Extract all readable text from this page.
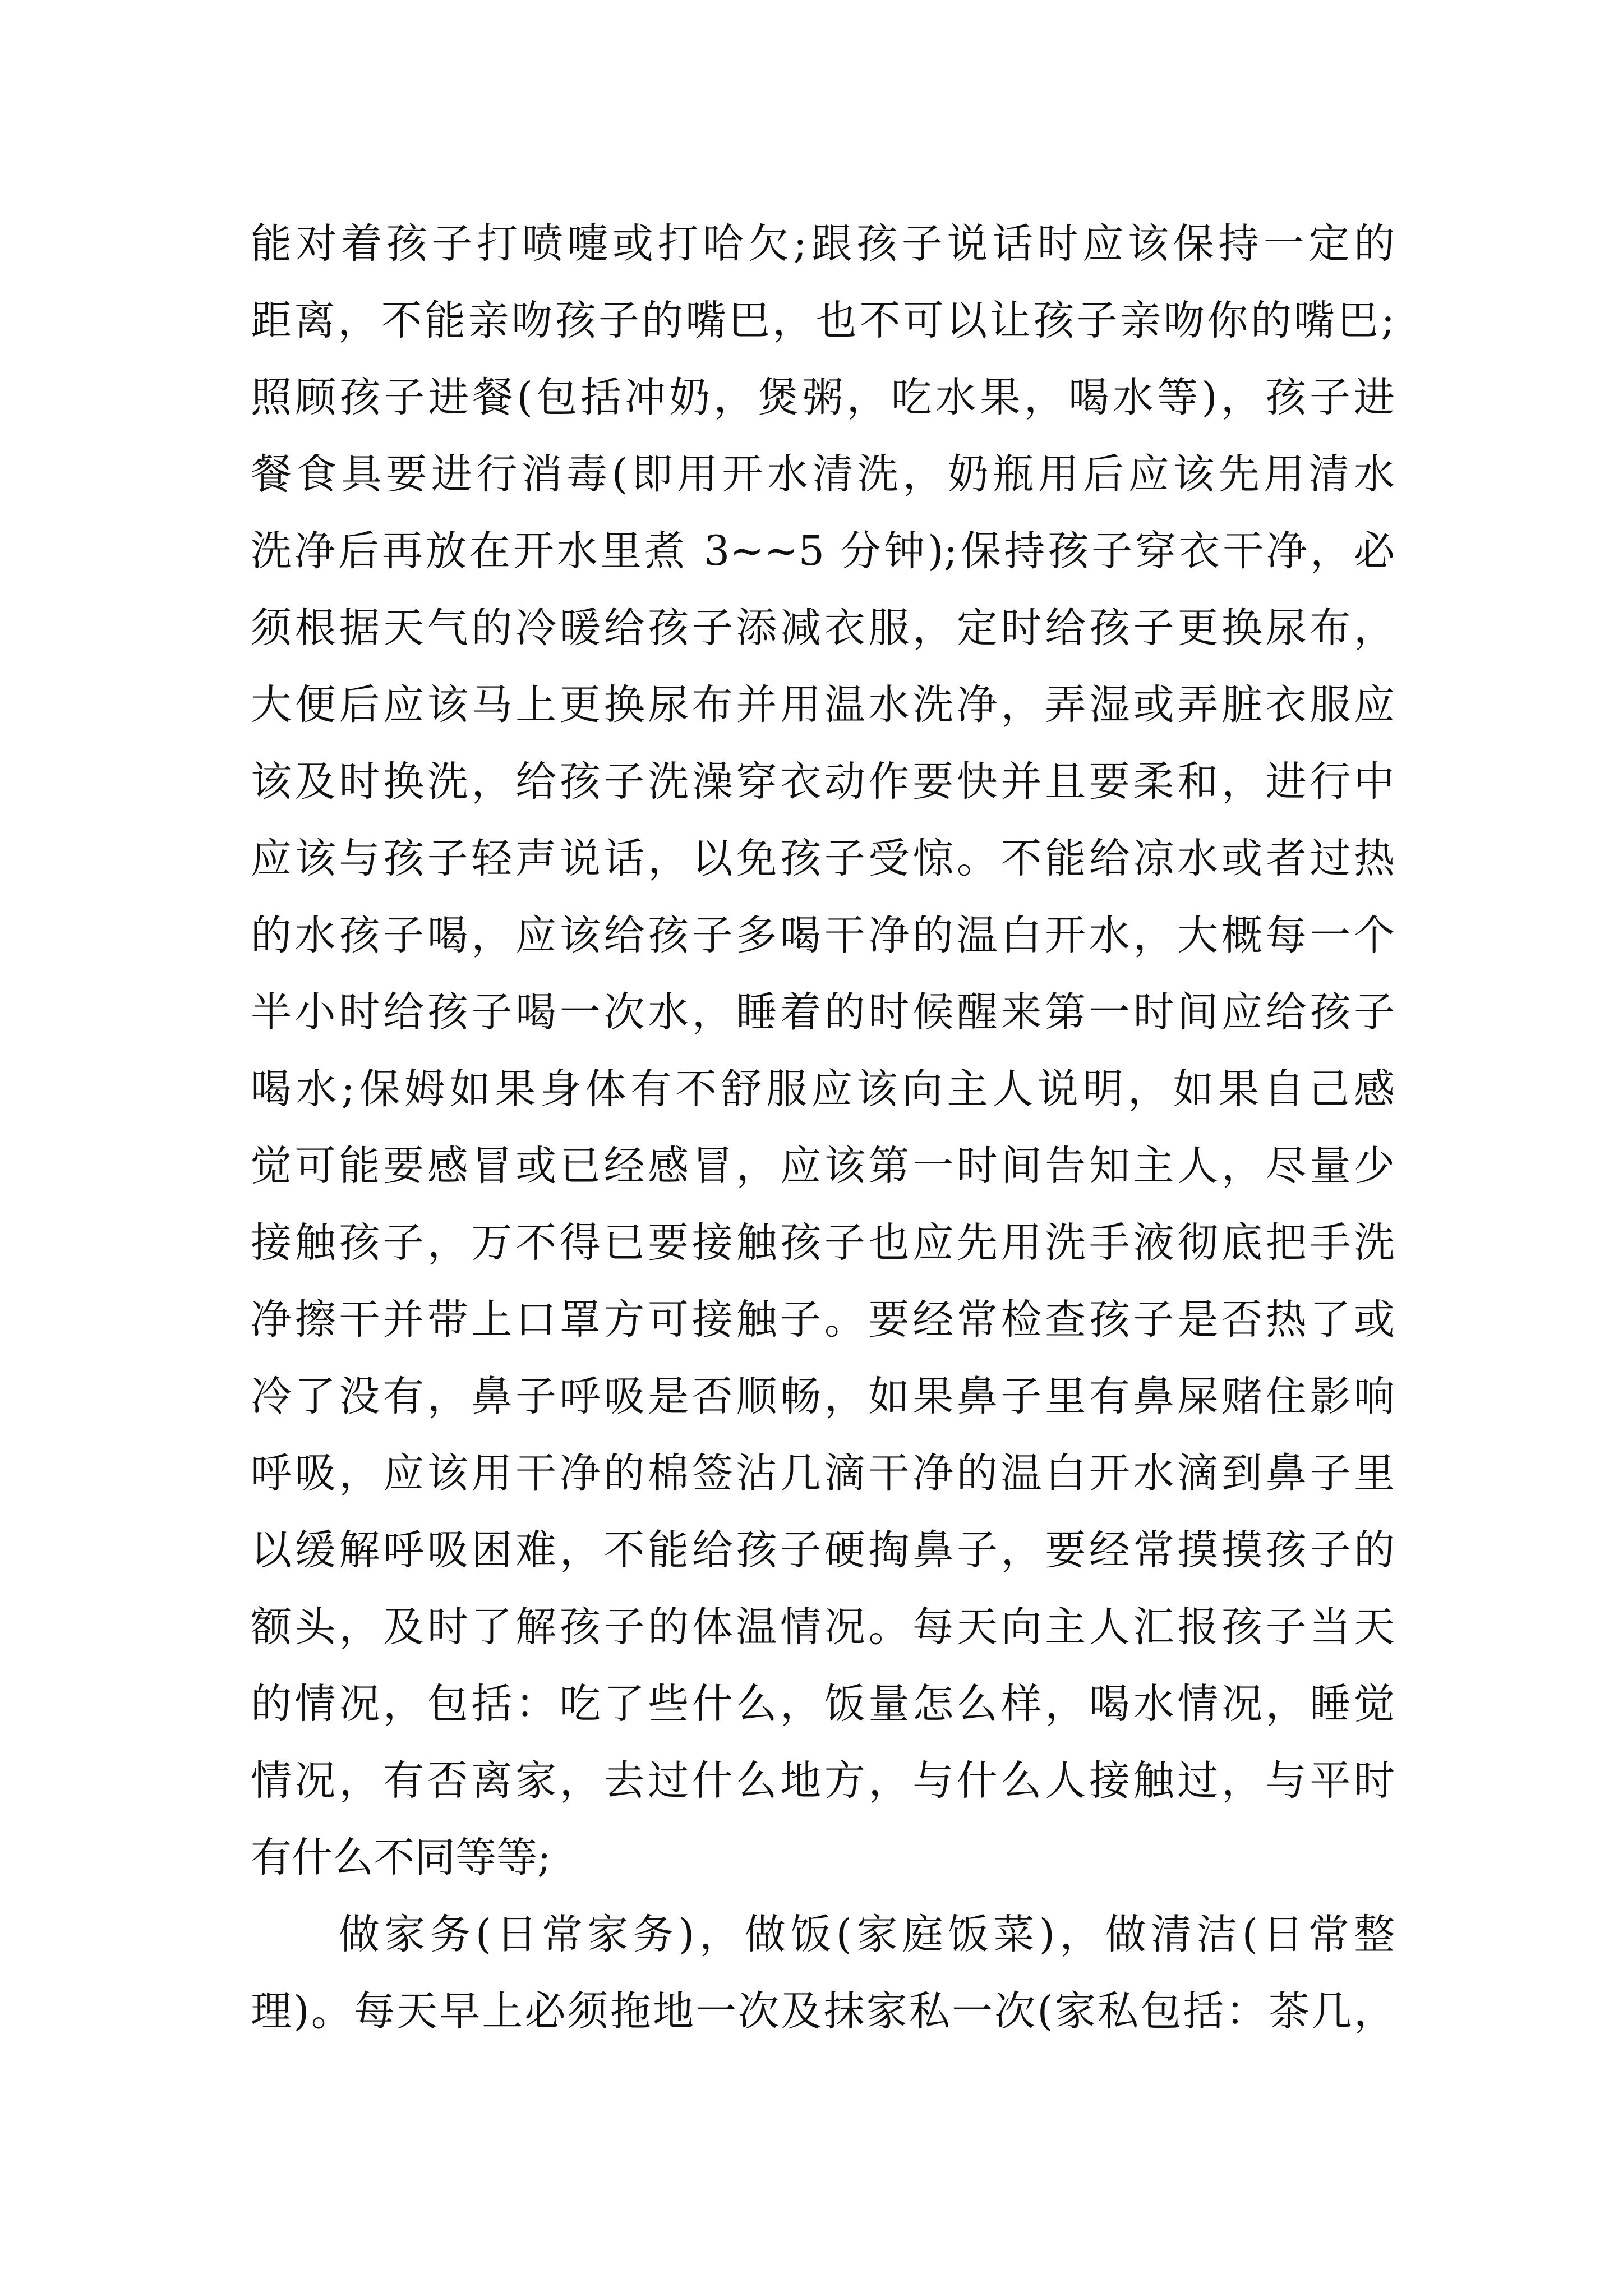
能对着孩子打喷嚏或打哈欠;跟孩子说话时应该保持一定的
距离，不能亲吻孩子的嘴巴，也不可以让孩子亲吻你的嘴巴;
照顾孩子进餐(包括冲奶，煲粥，吃水果，喝水等)，孩子进
餐食具要进行消毒(即用开水清洗，奶瓶用后应该先用清水
洗净后再放在开水里煮 3~~5 分钟);保持孩子穿衣干净，必
须根据天气的冷暖给孩子添减衣服，定时给孩子更换尿布，
大便后应该马上更换尿布并用温水洗净，弄湿或弄脏衣服应
该及时换洗，给孩子洗澡穿衣动作要快并且要柔和，进行中
应该与孩子轻声说话，以免孩子受惊。不能给凉水或者过热
的水孩子喝，应该给孩子多喝干净的温白开水，大概每一个
半小时给孩子喝一次水，睡着的时候醒来第一时间应给孩子
喝水;保姆如果身体有不舒服应该向主人说明，如果自己感
觉可能要感冒或已经感冒，应该第一时间告知主人，尽量少
接触孩子，万不得已要接触孩子也应先用洗手液彻底把手洗
净擦干并带上口罩方可接触子。要经常检查孩子是否热了或
冷了没有，鼻子呼吸是否顺畅，如果鼻子里有鼻屎赌住影响
呼吸，应该用干净的棉签沾几滴干净的温白开水滴到鼻子里
以缓解呼吸困难，不能给孩子硬掏鼻子，要经常摸摸孩子的
额头，及时了解孩子的体温情况。每天向主人汇报孩子当天
的情况，包括：吃了些什么，饭量怎么样，喝水情况，睡觉
情况，有否离家，去过什么地方，与什么人接触过，与平时
有什么不同等等;
做家务(日常家务)，做饭(家庭饭菜)，做清洁(日常整
理)。每天早上必须拖地一次及抹家私一次(家私包括：茶几，
